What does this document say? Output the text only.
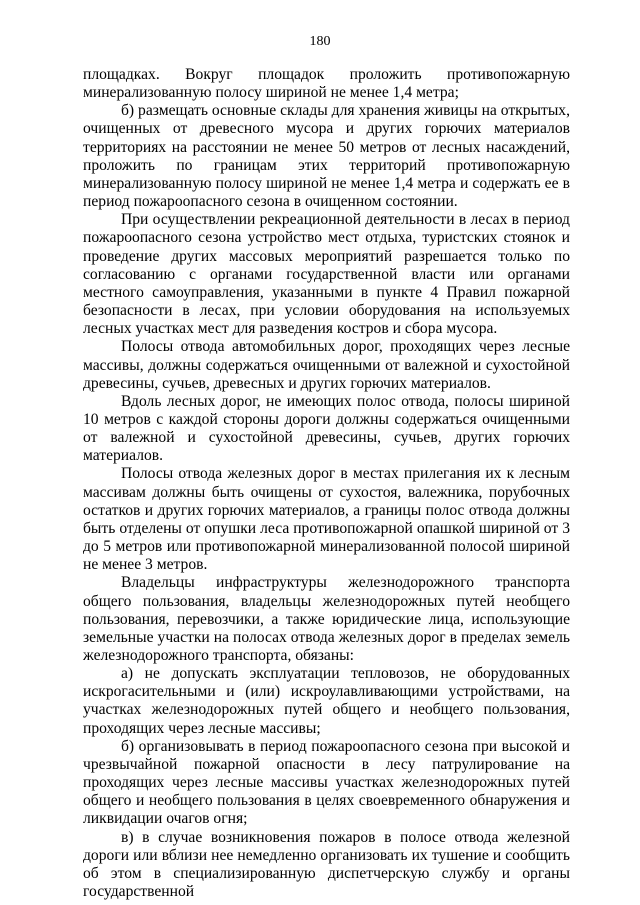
180

площадках. Вокруг площадок проложить противопожарную минерализованную полосу шириной не менее 1,4 метра;

б) размещать основные склады для хранения живицы на открытых, очищенных от древесного мусора и других горючих материалов территориях на расстоянии не менее 50 метров от лесных насаждений, проложить по границам этих территорий противопожарную минерализованную полосу шириной не менее 1,4 метра и содержать ее в период пожароопасного сезона в очищенном состоянии.

При осуществлении рекреационной деятельности в лесах в период пожароопасного сезона устройство мест отдыха, туристских стоянок и проведение других массовых мероприятий разрешается только по согласованию с органами государственной власти или органами местного самоуправления, указанными в пункте 4 Правил пожарной безопасности в лесах, при условии оборудования на используемых лесных участках мест для разведения костров и сбора мусора.

Полосы отвода автомобильных дорог, проходящих через лесные массивы, должны содержаться очищенными от валежной и сухостойной древесины, сучьев, древесных и других горючих материалов.

Вдоль лесных дорог, не имеющих полос отвода, полосы шириной 10 метров с каждой стороны дороги должны содержаться очищенными от валежной и сухостойной древесины, сучьев, других горючих материалов.

Полосы отвода железных дорог в местах прилегания их к лесным массивам должны быть очищены от сухостоя, валежника, порубочных остатков и других горючих материалов, а границы полос отвода должны быть отделены от опушки леса противопожарной опашкой шириной от 3 до 5 метров или противопожарной минерализованной полосой шириной не менее 3 метров.

Владельцы инфраструктуры железнодорожного транспорта общего пользования, владельцы железнодорожных путей необщего пользования, перевозчики, а также юридические лица, использующие земельные участки на полосах отвода железных дорог в пределах земель железнодорожного транспорта, обязаны:

а) не допускать эксплуатации тепловозов, не оборудованных искрогасительными и (или) искроулавливающими устройствами, на участках железнодорожных путей общего и необщего пользования, проходящих через лесные массивы;

б) организовывать в период пожароопасного сезона при высокой и чрезвычайной пожарной опасности в лесу патрулирование на проходящих через лесные массивы участках железнодорожных путей общего и необщего пользования в целях своевременного обнаружения и ликвидации очагов огня;

в) в случае возникновения пожаров в полосе отвода железной дороги или вблизи нее немедленно организовать их тушение и сообщить об этом в специализированную диспетчерскую службу и органы государственной
